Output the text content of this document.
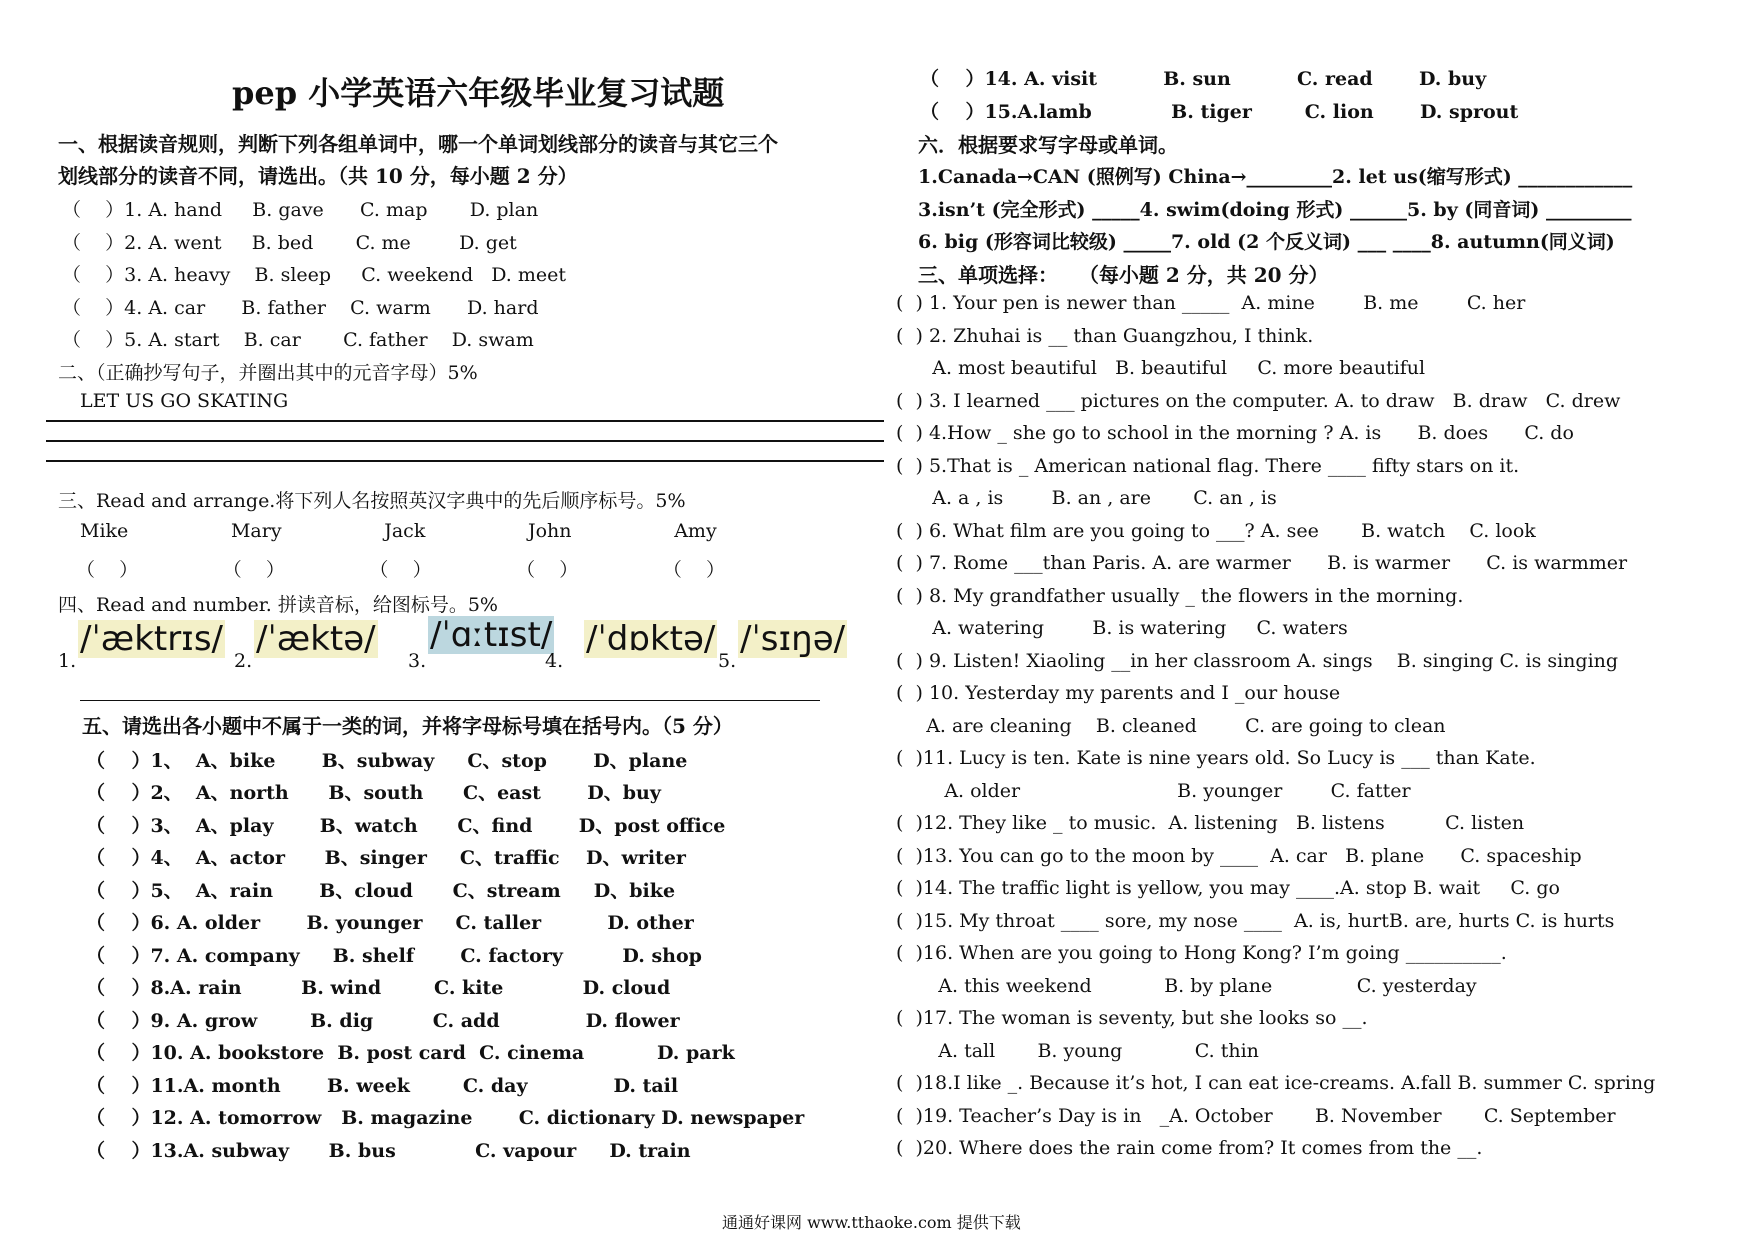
pep 小学英语六年级毕业复习试题
一、根据读音规则，判断下列各组单词中，哪一个单词划线部分的读音与其它三个
划线部分的读音不同，请选出。（共 10 分，每小题 2 分）
（    ）1. A. hand     B. gave      C. map       D. plan
（    ）2. A. went     B. bed       C. me        D. get
（    ）3. A. heavy    B. sleep     C. weekend   D. meet
（    ）4. A. car      B. father    C. warm      D. hard
（    ）5. A. start    B. car       C. father    D. swam
二、（正确抄写句子，并圈出其中的元音字母）5%
LET US GO SKATING
三、Read and arrange.将下列人名按照英汉字典中的先后顺序标号。5%
Mike                 Mary                 Jack                 John                 Amy
（    ）              （    ）              （    ）              （    ）              （    ）
四、Read and number. 拼读音标，给图标号。5%
1.
/ˈæktrɪs/
2.
/ˈæktə/
3.
/ˈɑːtɪst/
4.
/ˈdɒktə/
5.
/ˈsɪŋə/
五、请选出各小题中不属于一类的词，并将字母标号填在括号内。（5 分）
（    ）1、  A、bike       B、subway     C、stop       D、plane
（    ）2、  A、north      B、south      C、east       D、buy
（    ）3、  A、play       B、watch      C、find       D、post office
（    ）4、  A、actor      B、singer     C、traffic    D、writer
（    ）5、  A、rain       B、cloud      C、stream     D、bike
（    ）6. A. older       B. younger     C. taller          D. other
（    ）7. A. company     B. shelf       C. factory         D. shop
（    ）8.A. rain         B. wind        C. kite            D. cloud
（    ）9. A. grow        B. dig         C. add             D. flower
（    ）10. A. bookstore  B. post card  C. cinema           D. park
（    ）11.A. month       B. week        C. day             D. tail
（    ）12. A. tomorrow   B. magazine       C. dictionary D. newspaper
（    ）13.A. subway      B. bus            C. vapour     D. train
（    ）14. A. visit          B. sun          C. read       D. buy
（    ）15.A.lamb            B. tiger        C. lion       D. sprout
六．根据要求写字母或单词。
1.Canada→CAN (照例写) China→_________2. let us(缩写形式) ____________
3.isn’t (完全形式) _____4. swim(doing 形式) ______5. by (同音词) _________
6. big (形容词比较级) _____7. old (2 个反义词) ___ ____8. autumn(同义词)
三、单项选择：   （每小题 2 分，共 20 分）
(  ) 1. Your pen is newer than _____  A. mine        B. me        C. her
(  ) 2. Zhuhai is __ than Guangzhou, I think.
A. most beautiful   B. beautiful     C. more beautiful
(  ) 3. I learned ___ pictures on the computer. A. to draw   B. draw   C. drew
(  ) 4.How _ she go to school in the morning ? A. is      B. does      C. do
(  ) 5.That is _ American national flag. There ____ fifty stars on it.
A. a , is        B. an , are       C. an , is
(  ) 6. What film are you going to ___? A. see       B. watch    C. look
(  ) 7. Rome ___than Paris. A. are warmer      B. is warmer      C. is warmmer
(  ) 8. My grandfather usually _ the flowers in the morning.
A. watering        B. is watering     C. waters
(  ) 9. Listen! Xiaoling __in her classroom A. sings    B. singing C. is singing
(  ) 10. Yesterday my parents and I _our house
A. are cleaning    B. cleaned        C. are going to clean
(  )11. Lucy is ten. Kate is nine years old. So Lucy is ___ than Kate.
A. older                          B. younger        C. fatter
(  )12. They like _ to music.  A. listening   B. listens          C. listen
(  )13. You can go to the moon by ____  A. car   B. plane      C. spaceship
(  )14. The traffic light is yellow, you may ____.A. stop B. wait     C. go
(  )15. My throat ____ sore, my nose ____  A. is, hurtB. are, hurts C. is hurts
(  )16. When are you going to Hong Kong? I’m going __________.
A. this weekend            B. by plane              C. yesterday
(  )17. The woman is seventy, but she looks so __.
A. tall       B. young            C. thin
(  )18.I like _. Because it’s hot, I can eat ice-creams. A.fall B. summer C. spring
(  )19. Teacher’s Day is in   _A. October       B. November       C. September
(  )20. Where does the rain come from? It comes from the __.
通通好课网 www.tthaoke.com 提供下载
